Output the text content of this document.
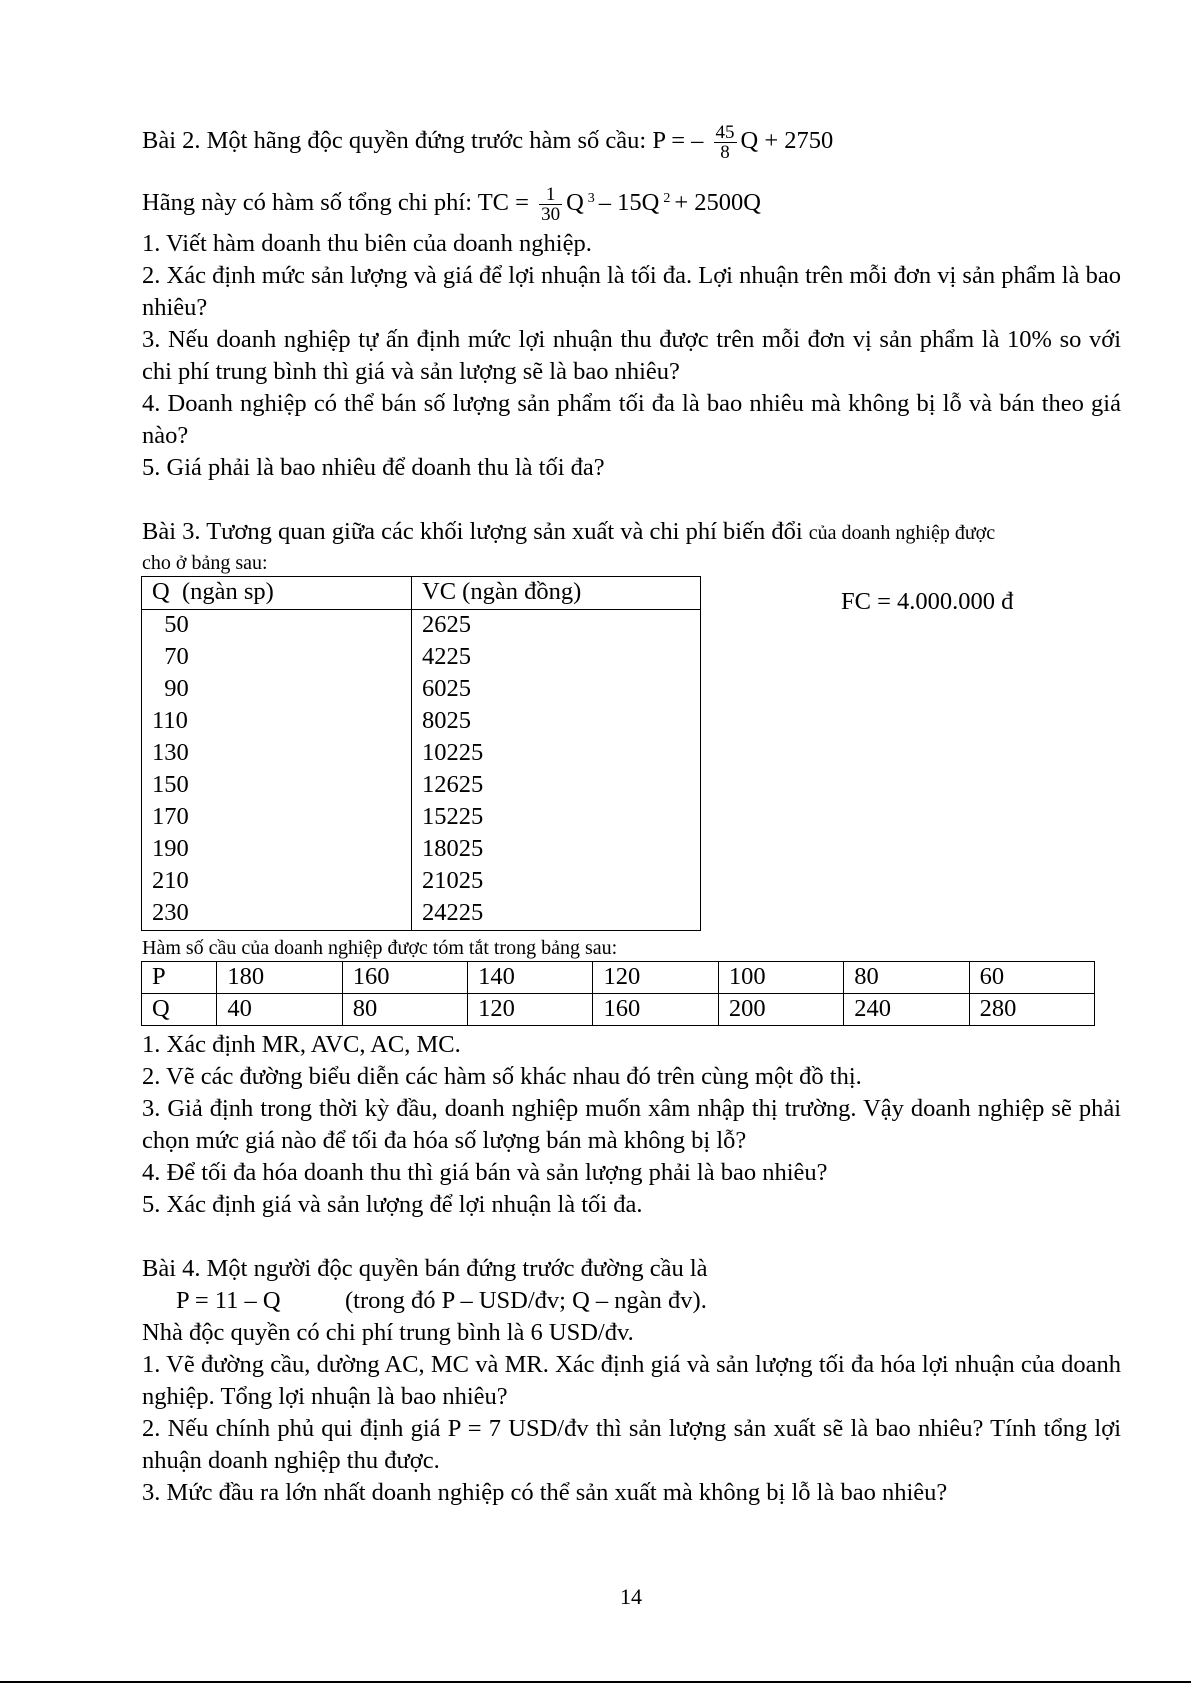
Bài 2. Một hãng độc quyền đứng trước hàm số cầu: P = – $\frac{45}{8}$ Q + 2750
Hãng này có hàm số tổng chi phí: TC = $\frac{1}{30}$ Q $^3$ – 15Q $^2$ + 2500Q
1. Viết hàm doanh thu biên của doanh nghiệp.
2. Xác định mức sản lượng và giá để lợi nhuận là tối đa. Lợi nhuận trên mỗi đơn vị sản phẩm là bao nhiêu?
3. Nếu doanh nghiệp tự ấn định mức lợi nhuận thu được trên mỗi đơn vị sản phẩm là 10% so với chi phí trung bình thì giá và sản lượng sẽ là bao nhiêu?
4. Doanh nghiệp có thể bán số lượng sản phẩm tối đa là bao nhiêu mà không bị lỗ và bán theo giá nào?
5. Giá phải là bao nhiêu để doanh thu là tối đa?
Bài 3. Tương quan giữa các khối lượng sản xuất và chi phí biến đổi của doanh nghiệp được
cho ở bảng sau:
Q  (ngàn sp)	VC (ngàn đồng)
50	2625
70	4225
90	6025
110	8025
130	10225
150	12625
170	15225
190	18025
210	21025
230	24225
FC = 4.000.000 đ
Hàm số cầu của doanh nghiệp được tóm tắt trong bảng sau:
P	180	160	140	120	100	80	60
Q	40	80	120	160	200	240	280
1. Xác định MR, AVC, AC, MC.
2. Vẽ các đường biểu diễn các hàm số khác nhau đó trên cùng một đồ thị.
3. Giả định trong thời kỳ đầu, doanh nghiệp muốn xâm nhập thị trường. Vậy doanh nghiệp sẽ phải chọn mức giá nào để tối đa hóa số lượng bán mà không bị lỗ?
4. Để tối đa hóa doanh thu thì giá bán và sản lượng phải là bao nhiêu?
5. Xác định giá và sản lượng để lợi nhuận là tối đa.
Bài 4. Một người độc quyền bán đứng trước đường cầu là
P = 11 – Q	(trong đó P – USD/đv; Q – ngàn đv).
Nhà độc quyền có chi phí trung bình là 6 USD/đv.
1. Vẽ đường cầu, dường AC, MC và MR. Xác định giá và sản lượng tối đa hóa lợi nhuận của doanh nghiệp. Tổng lợi nhuận là bao nhiêu?
2. Nếu chính phủ qui định giá P = 7 USD/đv thì sản lượng sản xuất sẽ là bao nhiêu? Tính tổng lợi nhuận doanh nghiệp thu được.
3. Mức đầu ra lớn nhất doanh nghiệp có thể sản xuất mà không bị lỗ là bao nhiêu?
14
